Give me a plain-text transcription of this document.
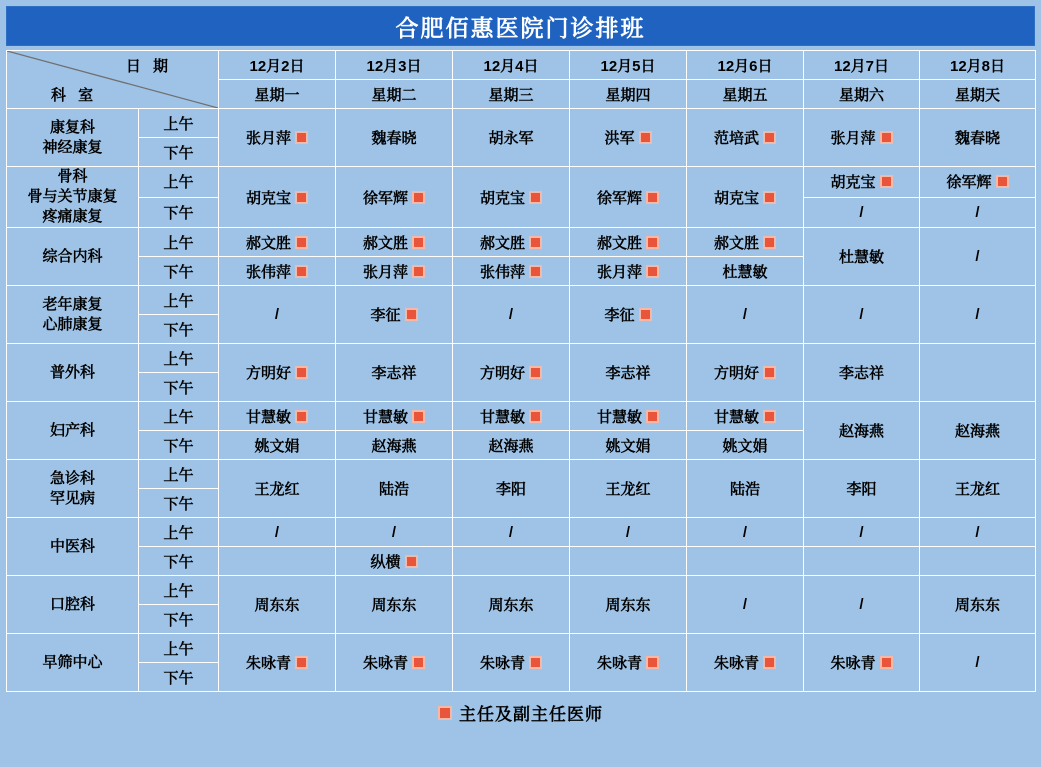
合肥佰惠医院门诊排班
日 期
科 室		12月2日	12月3日	12月4日	12月5日	12月6日	12月7日	12月8日
		星期一	星期二	星期三	星期四	星期五	星期六	星期天

康复科
神经康复	上午	张月萍	魏春晓	胡永军	洪军	范培武	张月萍	魏春晓

	下午							

骨科
骨与关节康复
疼痛康复	上午	胡克宝	徐军辉	胡克宝	徐军辉	胡克宝	胡克宝	徐军辉

	下午						/	/

综合内科	上午	郝文胜	郝文胜	郝文胜	郝文胜	郝文胜	杜慧敏	/
	下午	张伟萍	张月萍	张伟萍	张月萍	杜慧敏		

老年康复
心肺康复	上午	/	李征	/	李征	/	/	/
	下午							

普外科	上午	方明好	李志祥	方明好	李志祥	方明好	李志祥	

	下午							

妇产科	上午	甘慧敏	甘慧敏	甘慧敏	甘慧敏	甘慧敏	赵海燕	赵海燕

	下午	姚文娟	赵海燕	赵海燕	姚文娟	姚文娟		

急诊科
罕见病	上午	王龙红	陆浩	李阳	王龙红	陆浩	李阳	王龙红

	下午							

中医科	上午	/	/	/	/	/	/	/
	下午		纵横					

口腔科	上午	周东东	周东东	周东东	周东东	/	/	周东东

	下午							

早筛中心	上午	朱咏青	朱咏青	朱咏青	朱咏青	朱咏青	朱咏青	/
	下午							
主任及副主任医师
